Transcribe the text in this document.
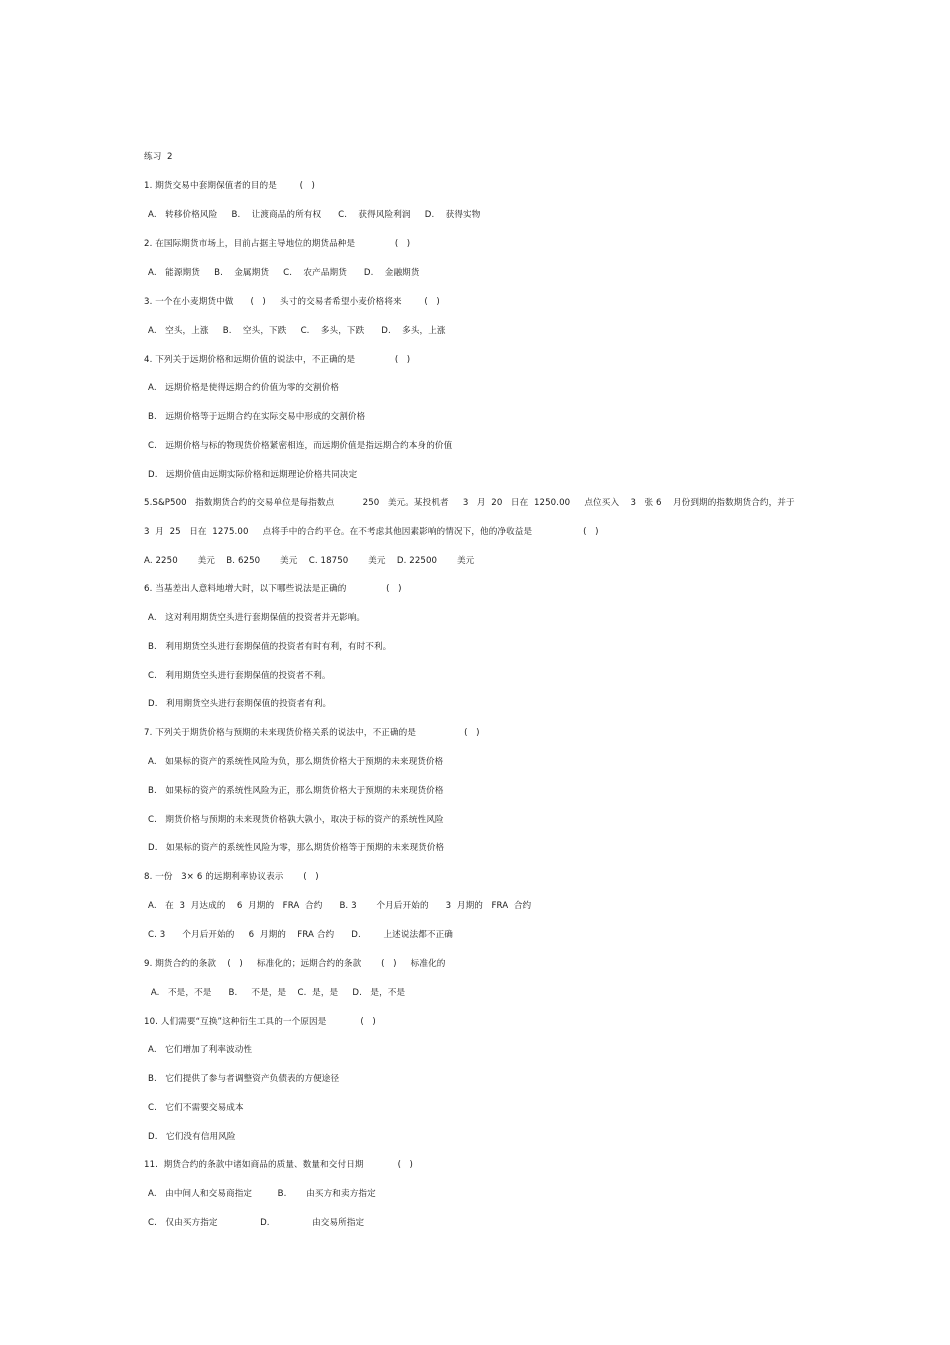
练习  2
1. 期货交易中套期保值者的目的是        (   )
A.   转移价格风险     B.    让渡商品的所有权      C.    获得风险利润     D.    获得实物
2. 在国际期货市场上，目前占据主导地位的期货品种是              (   )
A.   能源期货     B.    金属期货     C.    农产品期货      D.    金融期货
3. 一个在小麦期货中做      (   )     头寸的交易者希望小麦价格将来        (   )
A.   空头，上涨     B.    空头，下跌     C.    多头，下跌      D.    多头，上涨
4. 下列关于远期价格和远期价值的说法中，不正确的是              (   )
A.   远期价格是使得远期合约价值为零的交割价格
B.   远期价格等于远期合约在实际交易中形成的交割价格
C.   远期价格与标的物现货价格紧密相连，而远期价值是指远期合约本身的价值
D.   远期价值由远期实际价格和远期理论价格共同决定
5.S&P500   指数期货合约的交易单位是每指数点          250   美元。某投机者     3   月  20   日在  1250.00     点位买入    3   张 6    月份到期的指数期货合约，并于
3  月  25   日在  1275.00     点将手中的合约平仓。在不考虑其他因素影响的情况下，他的净收益是                  (   )
A. 2250       美元    B. 6250       美元    C. 18750       美元    D. 22500       美元
6. 当基差出人意料地增大时，以下哪些说法是正确的              (   )
A.   这对利用期货空头进行套期保值的投资者并无影响。
B.   利用期货空头进行套期保值的投资者有时有利，有时不利。
C.   利用期货空头进行套期保值的投资者不利。
D.   利用期货空头进行套期保值的投资者有利。
7. 下列关于期货价格与预期的未来现货价格关系的说法中，不正确的是                 (   )
A.   如果标的资产的系统性风险为负，那么期货价格大于预期的未来现货价格
B.   如果标的资产的系统性风险为正，那么期货价格大于预期的未来现货价格
C.   期货价格与预期的未来现货价格孰大孰小，取决于标的资产的系统性风险
D.   如果标的资产的系统性风险为零，那么期货价格等于预期的未来现货价格
8. 一份   3× 6 的远期利率协议表示       (   )
A.   在  3  月达成的    6  月期的   FRA  合约      B. 3       个月后开始的      3  月期的   FRA  合约
C. 3      个月后开始的     6  月期的    FRA 合约      D.        上述说法都不正确
9. 期货合约的条款    (   )     标准化的；远期合约的条款       (   )     标准化的
A.   不是，不是      B.     不是，是    C.  是，是     D.   是，不是
10. 人们需要“互换”这种衍生工具的一个原因是            (   )
A.   它们增加了利率波动性
B.   它们提供了参与者调整资产负债表的方便途径
C.   它们不需要交易成本
D.   它们没有信用风险
11.  期货合约的条款中诸如商品的质量、数量和交付日期            (   )
A.   由中间人和交易商指定         B.       由买方和卖方指定
C.   仅由买方指定               D.               由交易所指定
